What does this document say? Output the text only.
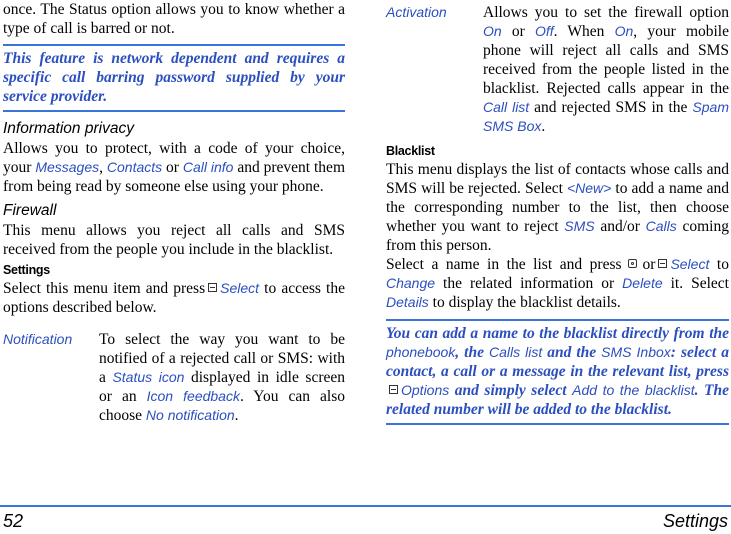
once. The Status option allows you to know whether a type of call is barred or not.

This feature is network dependent and requires a specific call barring password supplied by your service provider.
Information privacy

Allows you to protect, with a code of your choice, your Messages, Contacts or Call info and prevent them from being read by someone else using your phone.

Firewall

This menu allows you reject all calls and SMS received from the people you include in the blacklist.

Settings

Select this menu item and press Select to access the options described below.

Notification	To select the way you want to be notified of a rejected call or SMS: with a Status icon displayed in idle screen or an Icon feedback. You can also choose No notification.

Activation	Allows you to set the firewall option On or Off. When On, your mobile phone will reject all calls and SMS received from the people listed in the blacklist. Rejected calls appear in the Call list and rejected SMS in the Spam SMS Box.

Blacklist

This menu displays the list of contacts whose calls and SMS will be rejected. Select <New> to add a name and the corresponding number to the list, then choose whether you want to reject SMS and/or Calls coming from this person.

Select a name in the list and press or Select to Change the related information or Delete it. Select Details to display the blacklist details.

You can add a name to the blacklist directly from the phonebook, the Calls list and the SMS Inbox: select a contact, a call or a message in the relevant list, pressOptions and simply select Add to the blacklist. The related number will be added to the blacklist.
52	Settings
